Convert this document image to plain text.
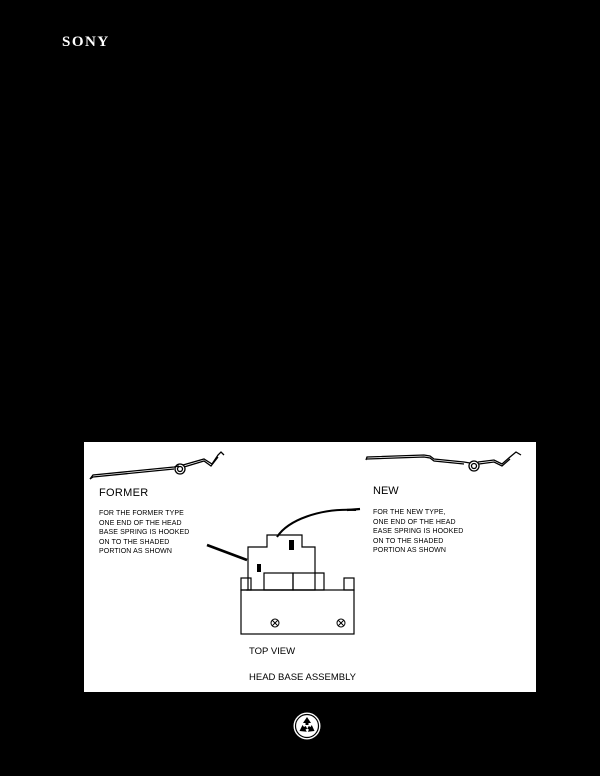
SONY
FORMER	NEW
FOR THE FORMER TYPE
ONE END OF THE HEAD
BASE SPRING IS HOOKED
ON TO THE SHADED
PORTION AS SHOWN
FOR THE NEW TYPE,
ONE END OF THE HEAD
EASE SPRING IS HOOKED
ON TO THE SHADED
PORTION AS SHOWN
TOP VIEW
HEAD BASE ASSEMBLY
